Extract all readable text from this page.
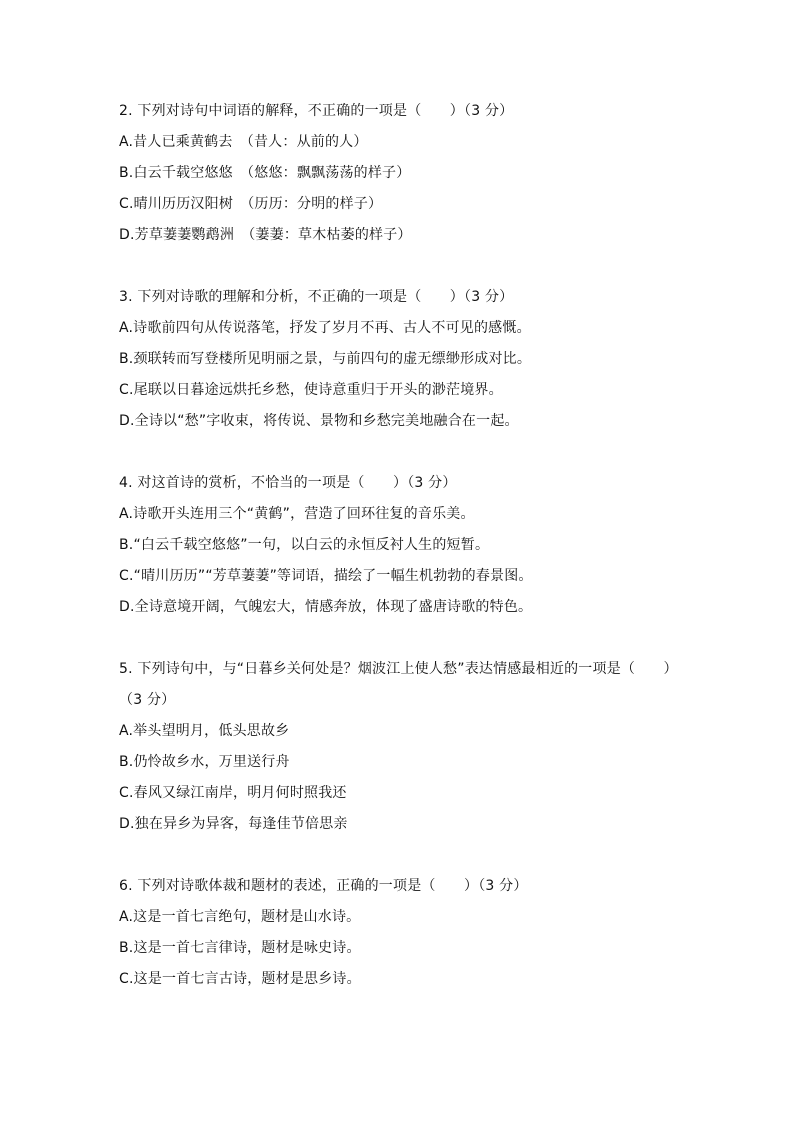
2. 下列对诗句中词语的解释，不正确的一项是（　　）（3 分）
A.昔人已乘黄鹤去　（昔人：从前的人）
B.白云千载空悠悠　（悠悠：飘飘荡荡的样子）
C.晴川历历汉阳树　（历历：分明的样子）
D.芳草萋萋鹦鹉洲　（萋萋：草木枯萎的样子）
3. 下列对诗歌的理解和分析，不正确的一项是（　　）（3 分）
A.诗歌前四句从传说落笔，抒发了岁月不再、古人不可见的感慨。
B.颈联转而写登楼所见明丽之景，与前四句的虚无缥缈形成对比。
C.尾联以日暮途远烘托乡愁，使诗意重归于开头的渺茫境界。
D.全诗以“愁”字收束，将传说、景物和乡愁完美地融合在一起。
4. 对这首诗的赏析，不恰当的一项是（　　）（3 分）
A.诗歌开头连用三个“黄鹤”，营造了回环往复的音乐美。
B.“白云千载空悠悠”一句，以白云的永恒反衬人生的短暂。
C.“晴川历历”“芳草萋萋”等词语，描绘了一幅生机勃勃的春景图。
D.全诗意境开阔，气魄宏大，情感奔放，体现了盛唐诗歌的特色。
5. 下列诗句中，与“日暮乡关何处是？烟波江上使人愁”表达情感最相近的一项是（　　）（3 分）
A.举头望明月，低头思故乡
B.仍怜故乡水，万里送行舟
C.春风又绿江南岸，明月何时照我还
D.独在异乡为异客，每逢佳节倍思亲
6. 下列对诗歌体裁和题材的表述，正确的一项是（　　）（3 分）
A.这是一首七言绝句，题材是山水诗。
B.这是一首七言律诗，题材是咏史诗。
C.这是一首七言古诗，题材是思乡诗。
